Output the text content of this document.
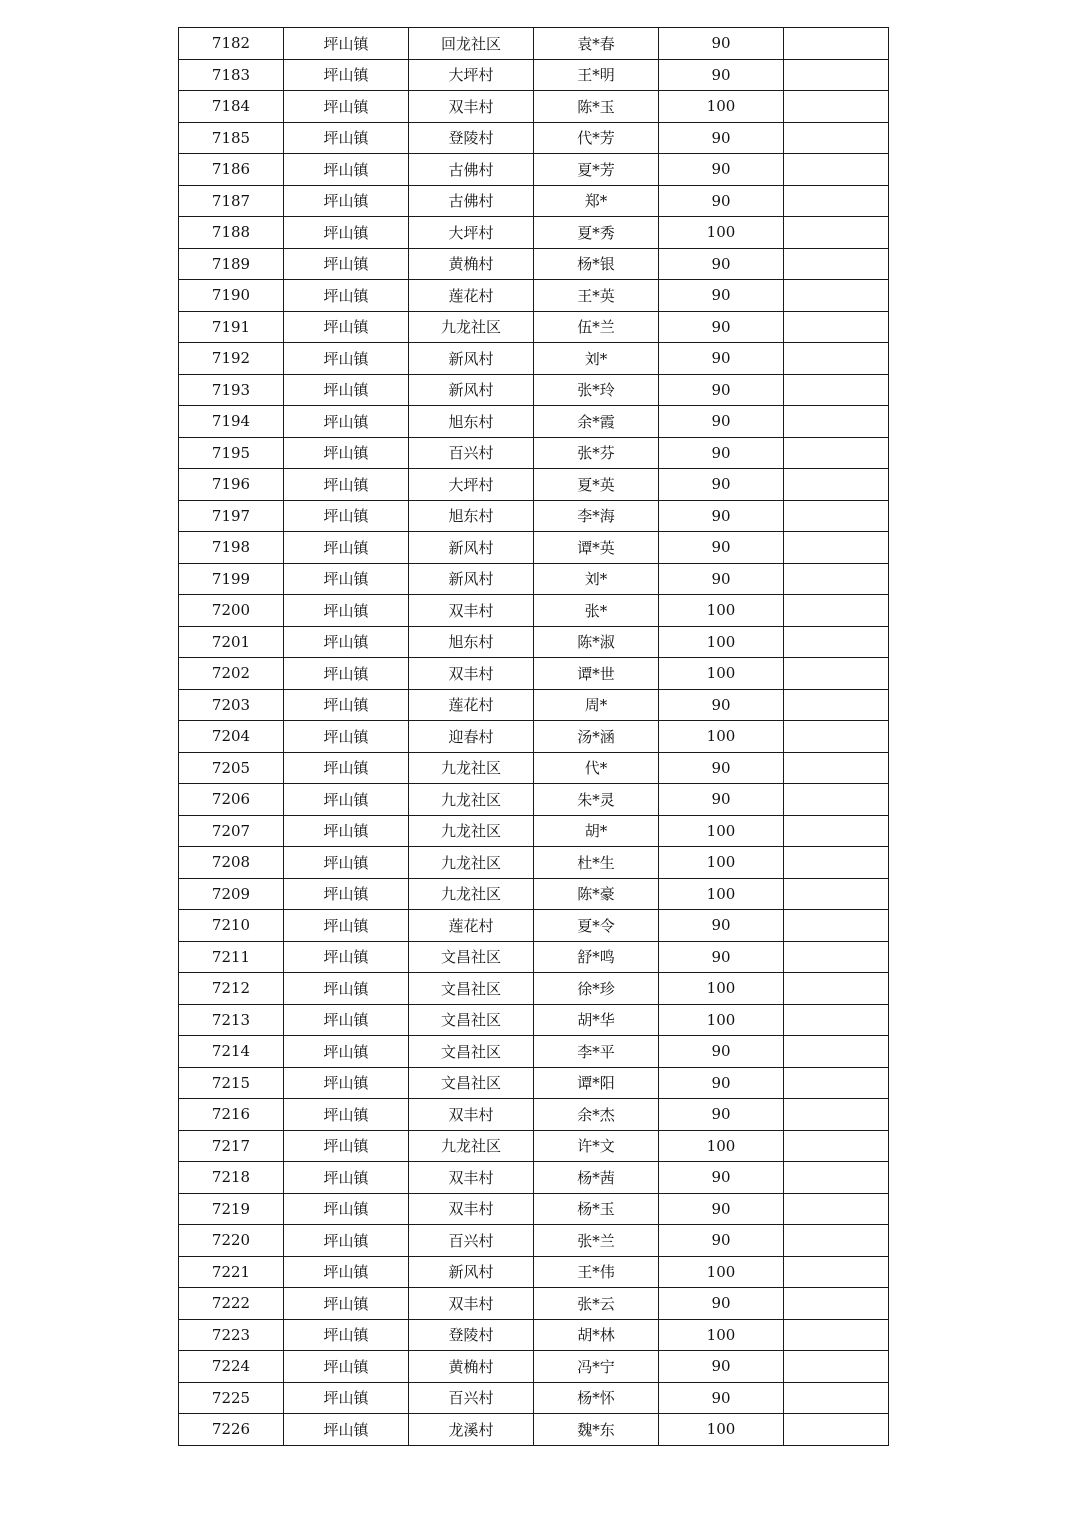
7182	坪山镇	回龙社区	袁*春	90	
7183	坪山镇	大坪村	王*明	90	
7184	坪山镇	双丰村	陈*玉	100	
7185	坪山镇	登陵村	代*芳	90	
7186	坪山镇	古佛村	夏*芳	90	
7187	坪山镇	古佛村	郑*	90	
7188	坪山镇	大坪村	夏*秀	100	
7189	坪山镇	黄桷村	杨*银	90	
7190	坪山镇	莲花村	王*英	90	
7191	坪山镇	九龙社区	伍*兰	90	
7192	坪山镇	新风村	刘*	90	
7193	坪山镇	新风村	张*玲	90	
7194	坪山镇	旭东村	余*霞	90	
7195	坪山镇	百兴村	张*芬	90	
7196	坪山镇	大坪村	夏*英	90	
7197	坪山镇	旭东村	李*海	90	
7198	坪山镇	新风村	谭*英	90	
7199	坪山镇	新风村	刘*	90	
7200	坪山镇	双丰村	张*	100	
7201	坪山镇	旭东村	陈*淑	100	
7202	坪山镇	双丰村	谭*世	100	
7203	坪山镇	莲花村	周*	90	
7204	坪山镇	迎春村	汤*涵	100	
7205	坪山镇	九龙社区	代*	90	
7206	坪山镇	九龙社区	朱*灵	90	
7207	坪山镇	九龙社区	胡*	100	
7208	坪山镇	九龙社区	杜*生	100	
7209	坪山镇	九龙社区	陈*豪	100	
7210	坪山镇	莲花村	夏*令	90	
7211	坪山镇	文昌社区	舒*鸣	90	
7212	坪山镇	文昌社区	徐*珍	100	
7213	坪山镇	文昌社区	胡*华	100	
7214	坪山镇	文昌社区	李*平	90	
7215	坪山镇	文昌社区	谭*阳	90	
7216	坪山镇	双丰村	余*杰	90	
7217	坪山镇	九龙社区	许*文	100	
7218	坪山镇	双丰村	杨*茜	90	
7219	坪山镇	双丰村	杨*玉	90	
7220	坪山镇	百兴村	张*兰	90	
7221	坪山镇	新风村	王*伟	100	
7222	坪山镇	双丰村	张*云	90	
7223	坪山镇	登陵村	胡*林	100	
7224	坪山镇	黄桷村	冯*宁	90	
7225	坪山镇	百兴村	杨*怀	90	
7226	坪山镇	龙溪村	魏*东	100	
